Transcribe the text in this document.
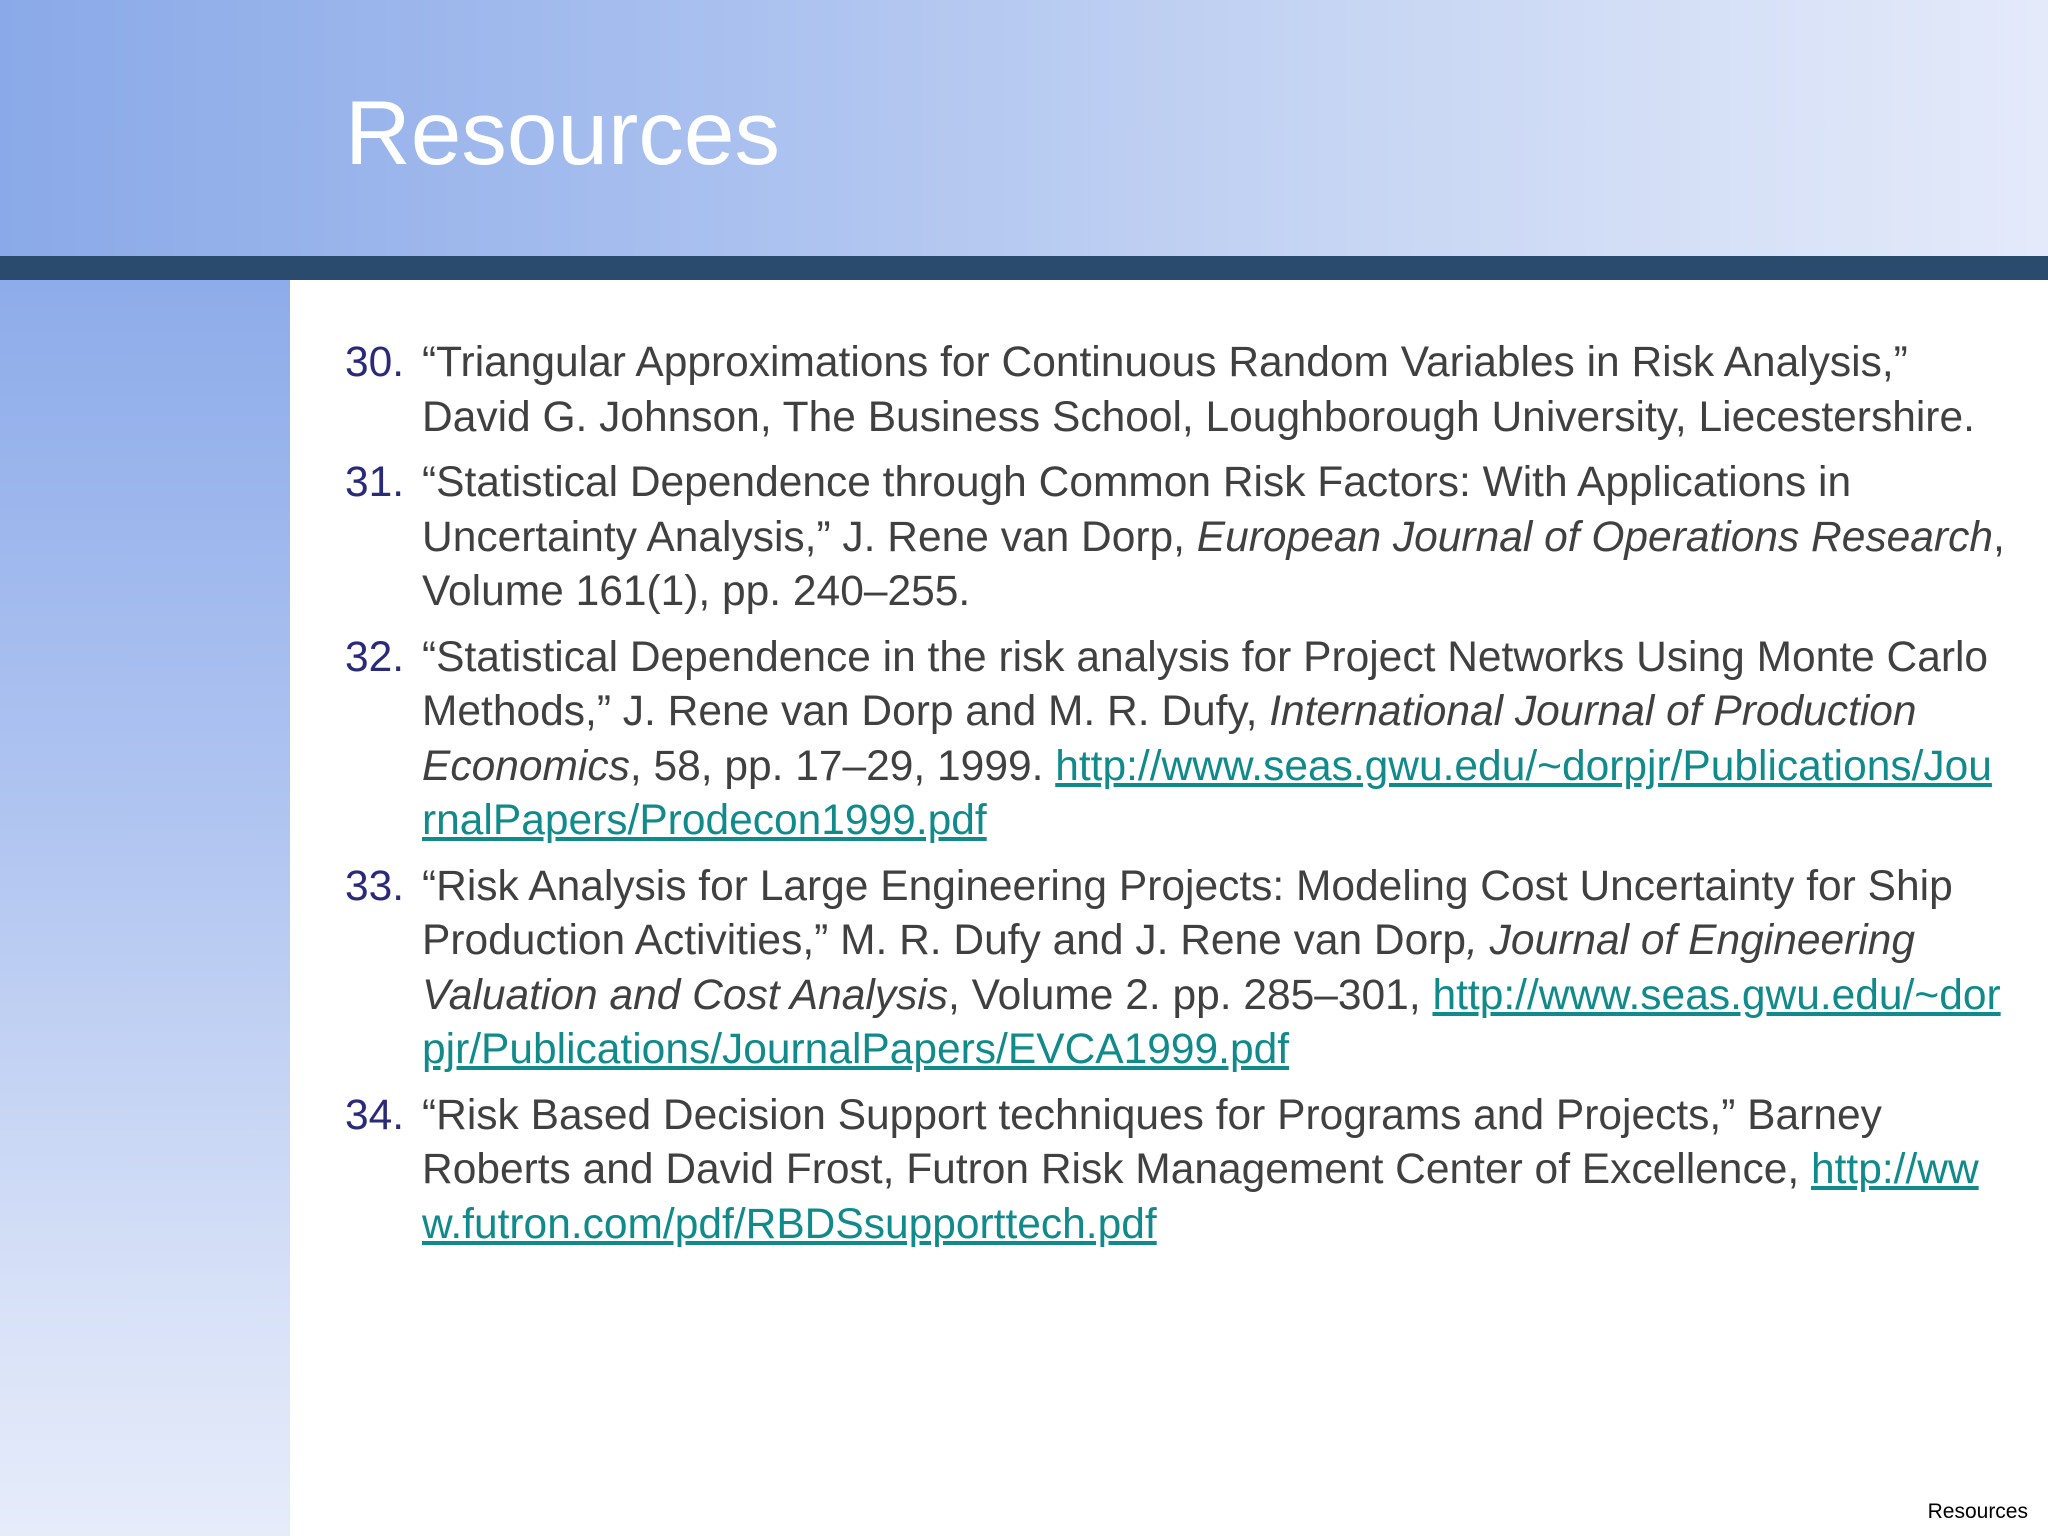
Resources
30. “Triangular Approximations for Continuous Random Variables in Risk Analysis,” David G. Johnson, The Business School, Loughborough University, Liecestershire.
31. “Statistical Dependence through Common Risk Factors: With Applications in Uncertainty Analysis,” J. Rene van Dorp, European Journal of Operations Research, Volume 161(1), pp. 240–255.
32. “Statistical Dependence in the risk analysis for Project Networks Using Monte Carlo Methods,” J. Rene van Dorp and M. R. Dufy, International Journal of Production Economics, 58, pp. 17–29, 1999. http://www.seas.gwu.edu/~dorpjr/Publications/JournalPapers/Prodecon1999.pdf
33. “Risk Analysis for Large Engineering Projects: Modeling Cost Uncertainty for Ship Production Activities,” M. R. Dufy and J. Rene van Dorp, Journal of Engineering Valuation and Cost Analysis, Volume 2. pp. 285–301, http://www.seas.gwu.edu/~dorpjr/Publications/JournalPapers/EVCA1999.pdf
34. “Risk Based Decision Support techniques for Programs and Projects,” Barney Roberts and David Frost, Futron Risk Management Center of Excellence, http://www.futron.com/pdf/RBDSsupporttech.pdf
Resources
